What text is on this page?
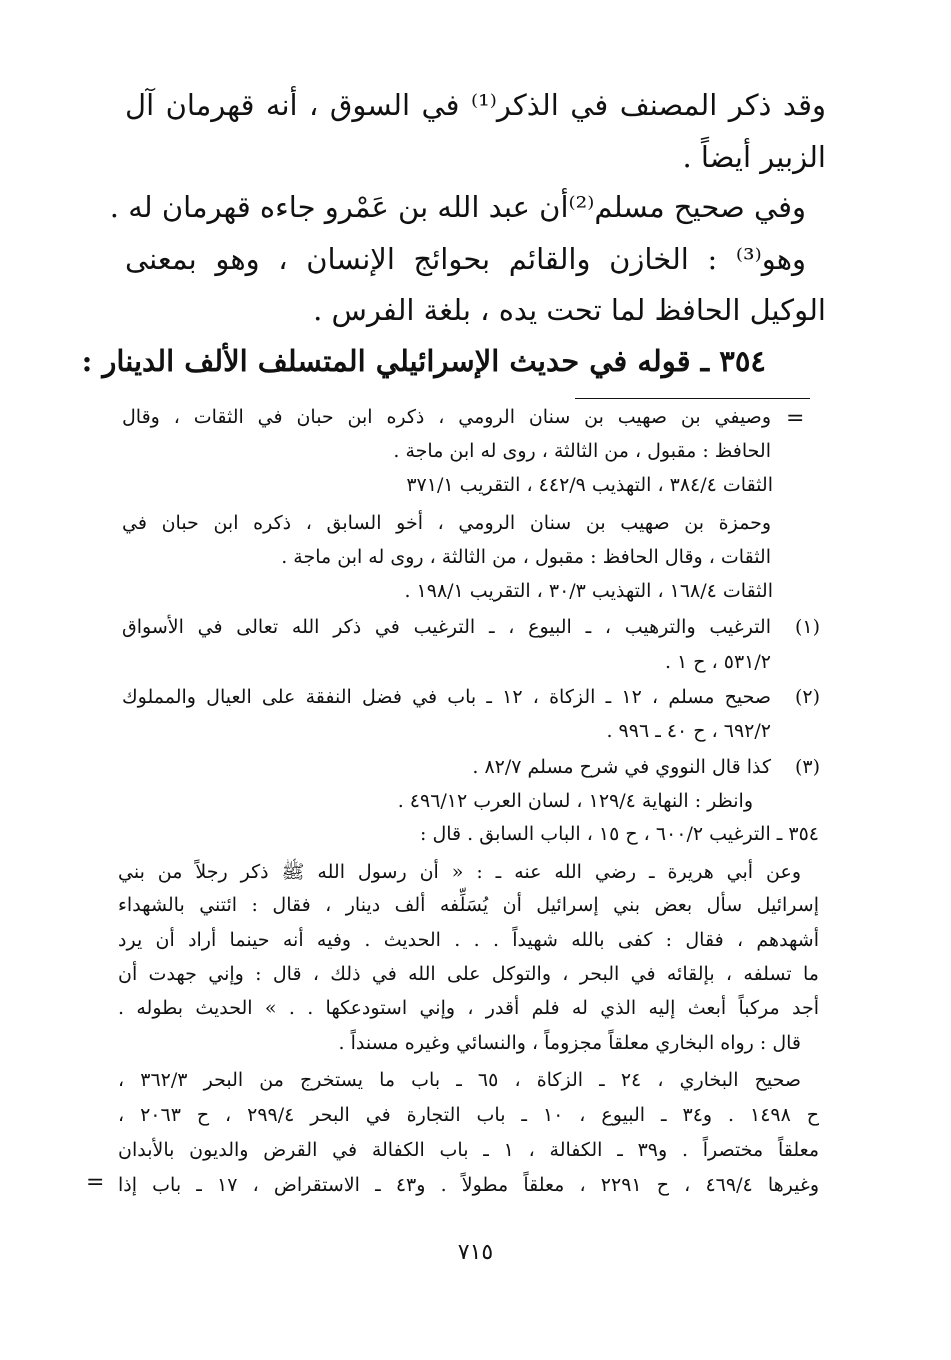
وقد ذكر المصنف في الذكر⁽¹⁾ في السوق ، أنه قهرمان آل
الزبير أيضاً .
وفي صحيح مسلم⁽²⁾أن عبد الله بن عَمْرو جاءه قهرمان له .
وهو⁽³⁾ : الخازن والقائم بحوائج الإنسان ، وهو بمعنى
الوكيل الحافظ لما تحت يده ، بلغة الفرس .
٣٥٤ ـ قوله في حديث الإسرائيلي المتسلف الألف الدينار :
=
وصيفي بن صهيب بن سنان الرومي ، ذكره ابن حبان في الثقات ، وقال
الحافظ : مقبول ، من الثالثة ، روى له ابن ماجة .
الثقات ٣٨٤/٤ ، التهذيب ٤٤٢/٩ ، التقريب ٣٧١/١
وحمزة بن صهيب بن سنان الرومي ، أخو السابق ، ذكره ابن حبان في
الثقات ، وقال الحافظ : مقبول ، من الثالثة ، روى له ابن ماجة .
الثقات ١٦٨/٤ ، التهذيب ٣٠/٣ ، التقريب ١٩٨/١ .
(١)
الترغيب والترهيب ، ـ البيوع ، ـ الترغيب في ذكر الله تعالى في الأسواق
٥٣١/٢ ، ح ١ .
(٢)
صحيح مسلم ، ١٢ ـ الزكاة ، ١٢ ـ باب في فضل النفقة على العيال والمملوك
٦٩٢/٢ ، ح ٤٠ ـ ٩٩٦ .
(٣)
كذا قال النووي في شرح مسلم ٨٢/٧ .
وانظر : النهاية ١٢٩/٤ ، لسان العرب ٤٩٦/١٢ .
٣٥٤ ـ الترغيب ٦٠٠/٢ ، ح ١٥ ، الباب السابق . قال :
وعن أبي هريرة ـ رضي الله عنه ـ : « أن رسول الله ﷺ ذكر رجلاً من بني
إسرائيل سأل بعض بني إسرائيل أن يُسَلِّفه ألف دينار ، فقال : ائتني بالشهداء
أشهدهم ، فقال : كفى بالله شهيداً . . . الحديث . وفيه أنه حينما أراد أن يرد
ما تسلفه ، بإلقائه في البحر ، والتوكل على الله في ذلك ، قال : وإني جهدت أن
أجد مركباً أبعث إليه الذي له فلم أقدر ، وإني استودعكها . . » الحديث بطوله .
قال : رواه البخاري معلقاً مجزوماً ، والنسائي وغيره مسنداً .
صحيح البخاري ، ٢٤ ـ الزكاة ، ٦٥ ـ باب ما يستخرج من البحر ٣٦٢/٣ ،
ح ١٤٩٨ . و٣٤ ـ البيوع ، ١٠ ـ باب التجارة في البحر ٢٩٩/٤ ، ح ٢٠٦٣ ،
معلقاً مختصراً . و٣٩ ـ الكفالة ، ١ ـ باب الكفالة في القرض والديون بالأبدان
وغيرها ٤٦٩/٤ ، ح ٢٢٩١ ، معلقاً مطولاً . و٤٣ ـ الاستقراض ، ١٧ ـ باب إذا
=
٧١٥
